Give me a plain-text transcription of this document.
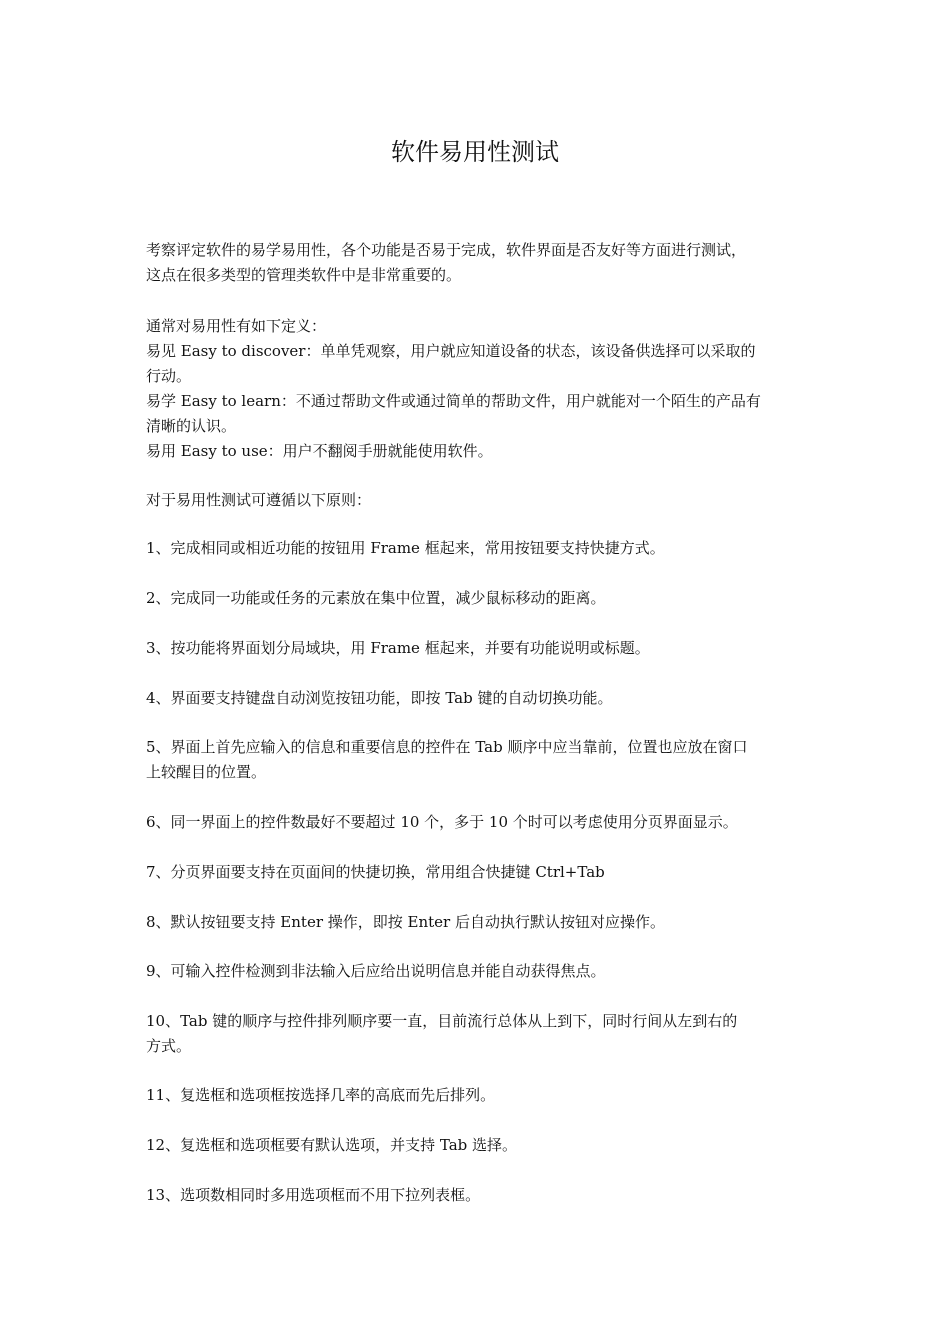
软件易用性测试

考察评定软件的易学易用性，各个功能是否易于完成，软件界面是否友好等方面进行测试，
这点在很多类型的管理类软件中是非常重要的。

通常对易用性有如下定义：

易见 Easy to discover：单单凭观察，用户就应知道设备的状态，该设备供选择可以采取的
行动。

易学 Easy to learn：不通过帮助文件或通过简单的帮助文件，用户就能对一个陌生的产品有
清晰的认识。

易用 Easy to use：用户不翻阅手册就能使用软件。

对于易用性测试可遵循以下原则：

1、完成相同或相近功能的按钮用 Frame 框起来，常用按钮要支持快捷方式。

2、完成同一功能或任务的元素放在集中位置，减少鼠标移动的距离。

3、按功能将界面划分局域块，用 Frame 框起来，并要有功能说明或标题。

4、界面要支持键盘自动浏览按钮功能，即按 Tab 键的自动切换功能。

5、界面上首先应输入的信息和重要信息的控件在 Tab 顺序中应当靠前，位置也应放在窗口
上较醒目的位置。

6、同一界面上的控件数最好不要超过 10 个，多于 10 个时可以考虑使用分页界面显示。

7、分页界面要支持在页面间的快捷切换，常用组合快捷键 Ctrl+Tab

8、默认按钮要支持 Enter 操作，即按 Enter 后自动执行默认按钮对应操作。

9、可输入控件检测到非法输入后应给出说明信息并能自动获得焦点。

10、Tab 键的顺序与控件排列顺序要一直，目前流行总体从上到下，同时行间从左到右的
方式。

11、复选框和选项框按选择几率的高底而先后排列。

12、复选框和选项框要有默认选项，并支持 Tab 选择。

13、选项数相同时多用选项框而不用下拉列表框。
